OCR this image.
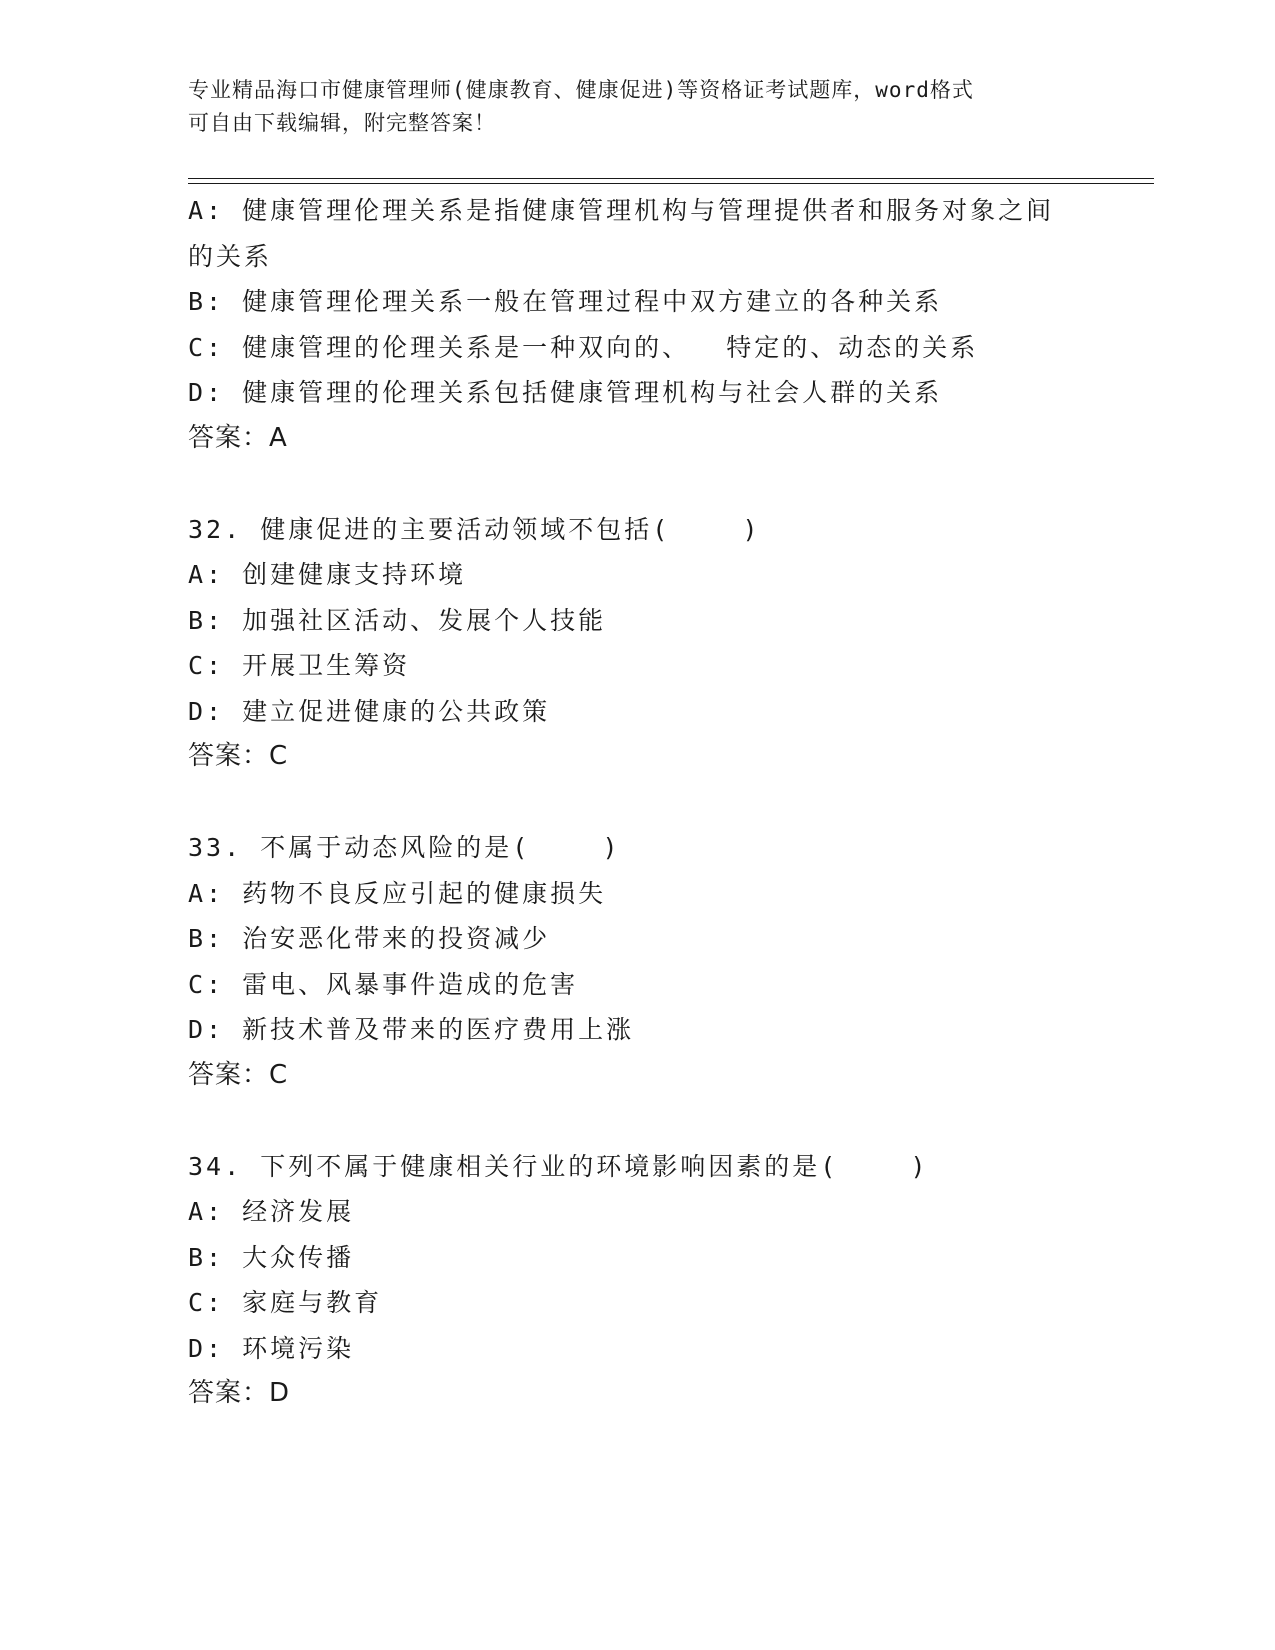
专业精品海口市健康管理师(健康教育、健康促进)等资格证考试题库，word格式
可自由下载编辑，附完整答案！
A: 健康管理伦理关系是指健康管理机构与管理提供者和服务对象之间
的关系
B: 健康管理伦理关系一般在管理过程中双方建立的各种关系
C: 健康管理的伦理关系是一种双向的、  特定的、动态的关系
D: 健康管理的伦理关系包括健康管理机构与社会人群的关系
答案：A
32. 健康促进的主要活动领域不包括(    )
A: 创建健康支持环境
B: 加强社区活动、发展个人技能
C: 开展卫生筹资
D: 建立促进健康的公共政策
答案：C
33. 不属于动态风险的是(    )
A: 药物不良反应引起的健康损失
B: 治安恶化带来的投资减少
C: 雷电、风暴事件造成的危害
D: 新技术普及带来的医疗费用上涨
答案：C
34. 下列不属于健康相关行业的环境影响因素的是(    )
A: 经济发展
B: 大众传播
C: 家庭与教育
D: 环境污染
答案：D
